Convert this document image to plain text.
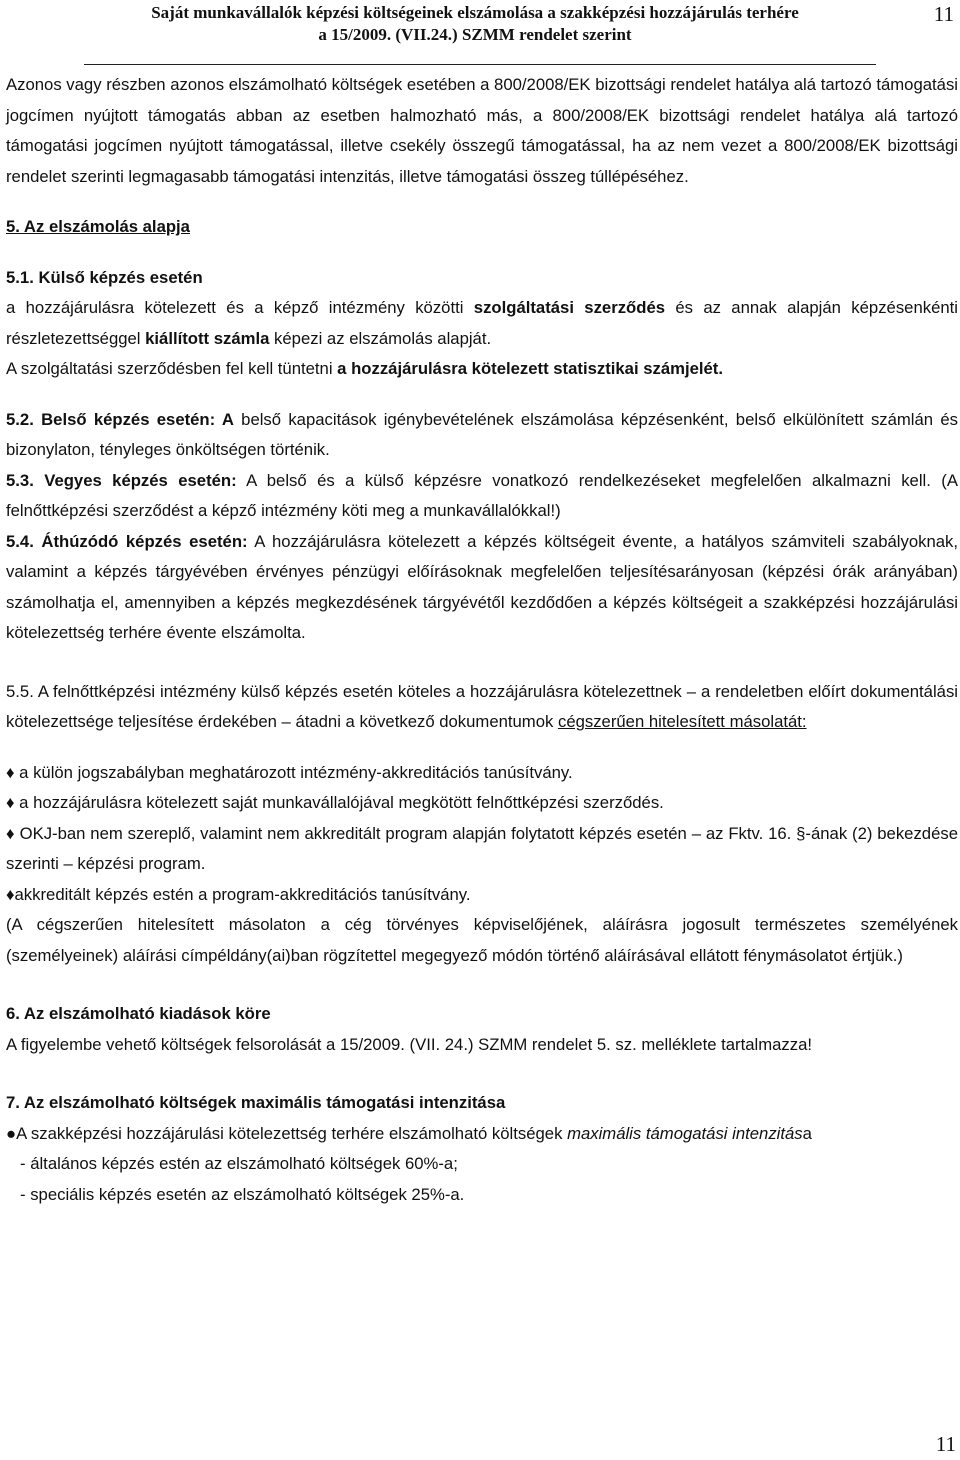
Saját munkavállalók képzési költségeinek elszámolása a szakképzési hozzájárulás terhére
a 15/2009. (VII.24.) SZMM rendelet szerint
11

Azonos vagy részben azonos elszámolható költségek esetében a 800/2008/EK bizottsági rendelet hatálya alá tartozó támogatási jogcímen nyújtott támogatás abban az esetben halmozható más, a 800/2008/EK bizottsági rendelet hatálya alá tartozó támogatási jogcímen nyújtott támogatással, illetve csekély összegű támogatással, ha az nem vezet a 800/2008/EK bizottsági rendelet szerinti legmagasabb támogatási intenzitás, illetve támogatási összeg túllépéséhez.

5. Az elszámolás alapja

5.1. Külső képzés esetén

a hozzájárulásra kötelezett és a képző intézmény közötti szolgáltatási szerződés és az annak alapján képzésenkénti részletezettséggel kiállított számla képezi az elszámolás alapját.

A szolgáltatási szerződésben fel kell tüntetni a hozzájárulásra kötelezett statisztikai számjelét.

5.2. Belső képzés esetén: A belső kapacitások igénybevételének elszámolása képzésenként, belső elkülönített számlán és bizonylaton, tényleges önköltségen történik.

5.3. Vegyes képzés esetén: A belső és a külső képzésre vonatkozó rendelkezéseket megfelelően alkalmazni kell. (A felnőttképzési szerződést a képző intézmény köti meg a munkavállalókkal!)

5.4. Áthúzódó képzés esetén: A hozzájárulásra kötelezett a képzés költségeit évente, a hatályos számviteli szabályoknak, valamint a képzés tárgyévében érvényes pénzügyi előírásoknak megfelelően teljesítésarányosan (képzési órák arányában) számolhatja el, amennyiben a képzés megkezdésének tárgyévétől kezdődően a képzés költségeit a szakképzési hozzájárulási kötelezettség terhére évente elszámolta.

5.5. A felnőttképzési intézmény külső képzés esetén köteles a hozzájárulásra kötelezettnek – a rendeletben előírt dokumentálási kötelezettsége teljesítése érdekében – átadni a következő dokumentumok cégszerűen hitelesített másolatát:

♦ a külön jogszabályban meghatározott intézmény-akkreditációs tanúsítvány.

♦ a hozzájárulásra kötelezett saját munkavállalójával megkötött felnőttképzési szerződés.

♦ OKJ-ban nem szereplő, valamint nem akkreditált program alapján folytatott képzés esetén – az Fktv. 16. §-ának (2) bekezdése szerinti – képzési program.

♦akkreditált képzés estén a program-akkreditációs tanúsítvány.

(A cégszerűen hitelesített másolaton a cég törvényes képviselőjének, aláírásra jogosult természetes személyének (személyeinek) aláírási címpéldány(ai)ban rögzítettel megegyező módón történő aláírásával ellátott fénymásolatot értjük.)

6. Az elszámolható kiadások köre

A figyelembe vehető költségek felsorolását a 15/2009. (VII. 24.) SZMM rendelet 5. sz. melléklete tartalmazza!

7. Az elszámolható költségek maximális támogatási intenzitása

●A szakképzési hozzájárulási kötelezettség terhére elszámolható költségek maximális támogatási intenzitása

- általános képzés estén az elszámolható költségek 60%-a;

- speciális képzés esetén az elszámolható költségek 25%-a.

11
